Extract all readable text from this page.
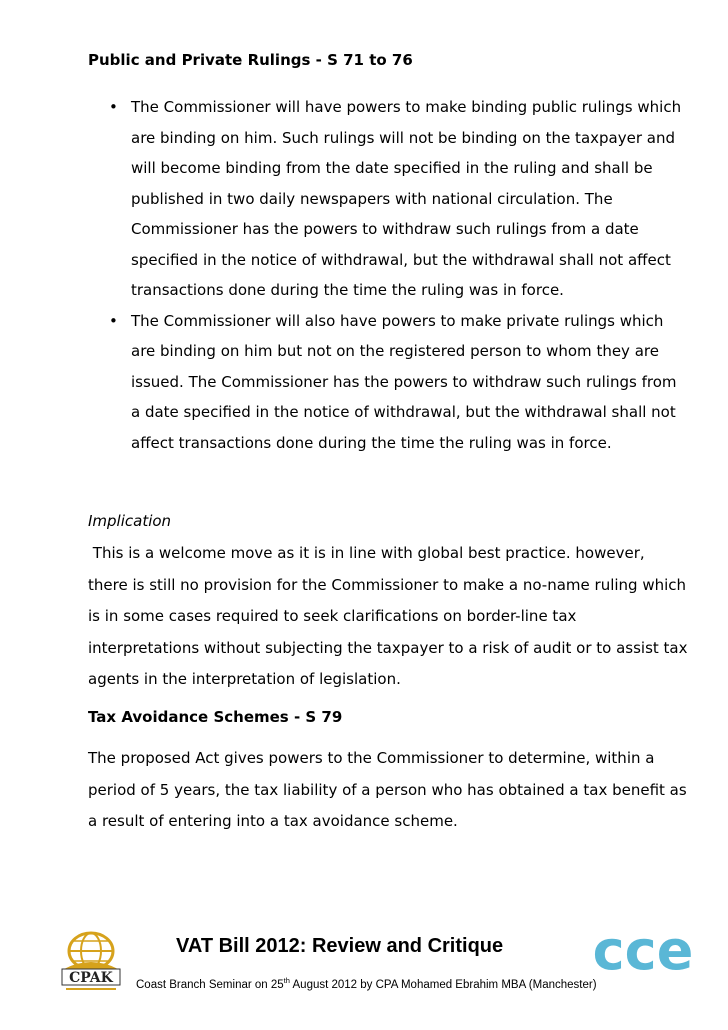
Public and Private Rulings - S 71 to 76
• The Commissioner will have powers to make binding public rulings which are binding on him. Such rulings will not be binding on the taxpayer and will become binding from the date specified in the ruling and shall be published in two daily newspapers with national circulation. The Commissioner has the powers to withdraw such rulings from a date specified in the notice of withdrawal, but the withdrawal shall not affect transactions done during the time the ruling was in force.
• The Commissioner will also have powers to make private rulings which are binding on him but not on the registered person to whom they are issued. The Commissioner has the powers to withdraw such rulings from a date specified in the notice of withdrawal, but the withdrawal shall not affect transactions done during the time the ruling was in force.

Implication

This is a welcome move as it is in line with global best practice. however, there is still no provision for the Commissioner to make a no-name ruling which is in some cases required to seek clarifications on border-line tax interpretations without subjecting the taxpayer to a risk of audit or to assist tax agents in the interpretation of legislation.

Tax Avoidance Schemes - S 79

The proposed Act gives powers to the Commissioner to determine, within a period of 5 years, the tax liability of a person who has obtained a tax benefit as a result of entering into a tax avoidance scheme.

CPAK	cce

VAT Bill 2012: Review and Critique

Coast Branch Seminar on 25th August 2012 by CPA Mohamed Ebrahim MBA (Manchester)
